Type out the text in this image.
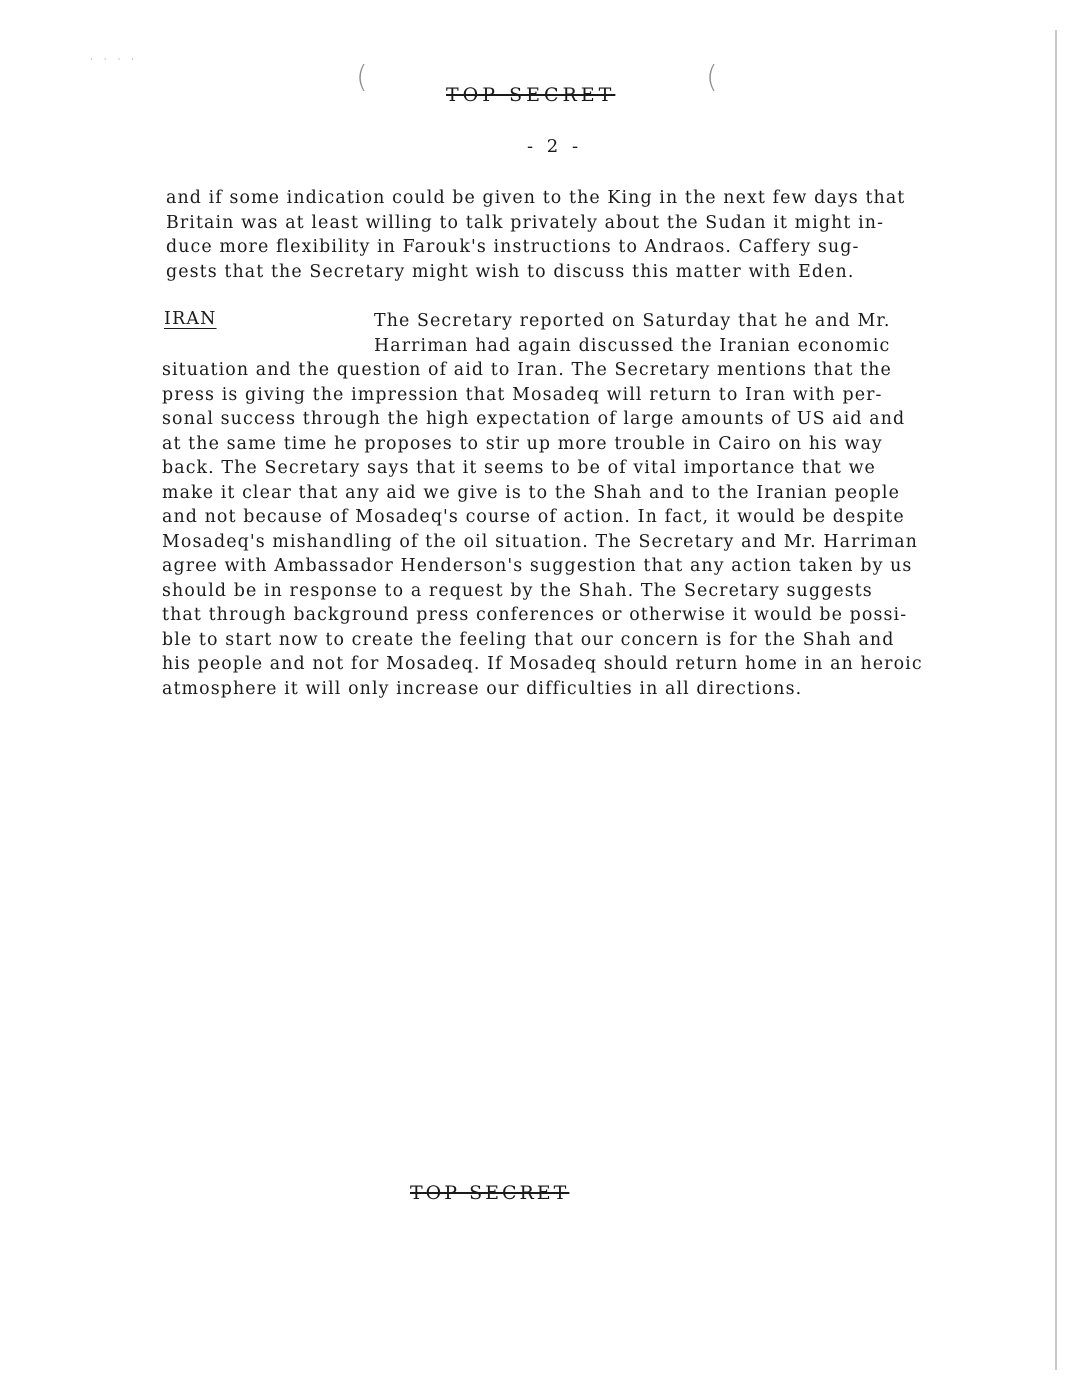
· · · ·	(	(
TOP SECRET
- 2 -
and if some indication could be given to the King in the next few days that
Britain was at least willing to talk privately about the Sudan it might in-
duce more flexibility in Farouk's instructions to Andraos. Caffery sug-
gests that the Secretary might wish to discuss this matter with Eden.
IRAN	The Secretary reported on Saturday that he and Mr.
Harriman had again discussed the Iranian economic
situation and the question of aid to Iran. The Secretary mentions that the
press is giving the impression that Mosadeq will return to Iran with per-
sonal success through the high expectation of large amounts of US aid and
at the same time he proposes to stir up more trouble in Cairo on his way
back. The Secretary says that it seems to be of vital importance that we
make it clear that any aid we give is to the Shah and to the Iranian people
and not because of Mosadeq's course of action. In fact, it would be despite
Mosadeq's mishandling of the oil situation. The Secretary and Mr. Harriman
agree with Ambassador Henderson's suggestion that any action taken by us
should be in response to a request by the Shah. The Secretary suggests
that through background press conferences or otherwise it would be possi-
ble to start now to create the feeling that our concern is for the Shah and
his people and not for Mosadeq. If Mosadeq should return home in an heroic
atmosphere it will only increase our difficulties in all directions.
TOP SECRET
